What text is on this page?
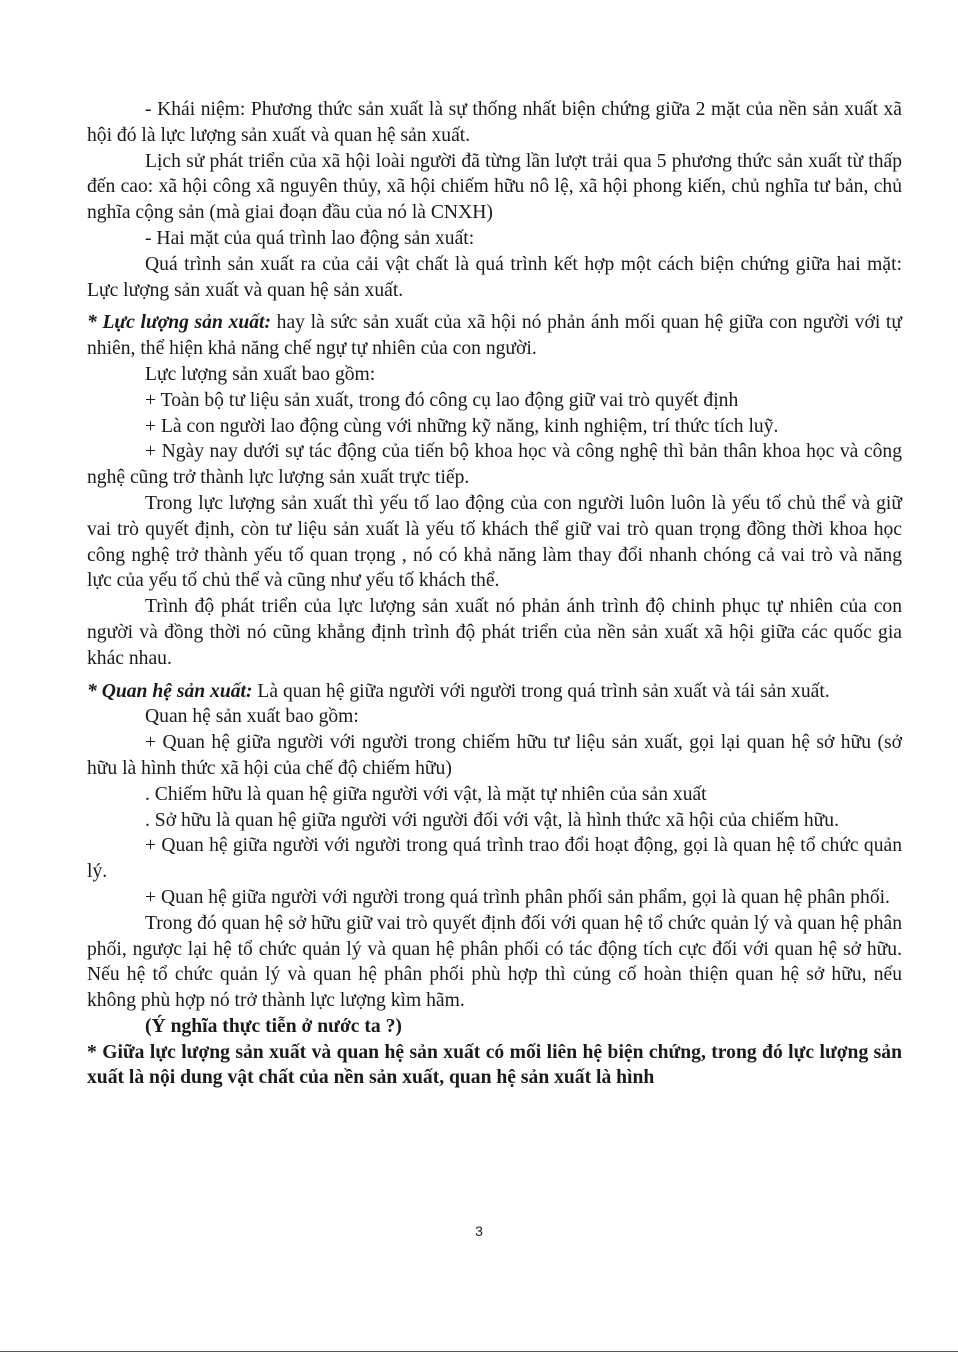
- Khái niệm: Phương thức sản xuất là sự thống nhất biện chứng giữa 2 mặt của nền sản xuất xã hội đó là lực lượng sản xuất và quan hệ sản xuất.

Lịch sử phát triển của xã hội loài người đã từng lần lượt trải qua 5 phương thức sản xuất từ thấp đến cao: xã hội công xã nguyên thủy, xã hội chiếm hữu nô lệ, xã hội phong kiến, chủ nghĩa tư bản, chủ nghĩa cộng sản (mà giai đoạn đầu của nó là CNXH)

- Hai mặt của quá trình lao động sản xuất:

Quá trình sản xuất ra của cải vật chất là quá trình kết hợp một cách biện chứng giữa hai mặt: Lực lượng sản xuất và quan hệ sản xuất.

* Lực lượng sản xuất: hay là sức sản xuất của xã hội nó phản ánh mối quan hệ giữa con người với tự nhiên, thể hiện khả năng chế ngự tự nhiên của con người.

Lực lượng sản xuất bao gồm:

+ Toàn bộ tư liệu sản xuất, trong đó công cụ lao động giữ vai trò quyết định

+ Là con người lao động cùng với những kỹ năng, kinh nghiệm, trí thức tích luỹ.

+ Ngày nay dưới sự tác động của tiến bộ khoa học và công nghệ thì bản thân khoa học và công nghệ cũng trở thành lực lượng sản xuất trực tiếp.

Trong lực lượng sản xuất thì yếu tố lao động của con người luôn luôn là yếu tố chủ thể và giữ vai trò quyết định, còn tư liệu sản xuất là yếu tố khách thể giữ vai trò quan trọng đồng thời khoa học công nghệ trở thành yếu tố quan trọng , nó có khả năng làm thay đổi nhanh chóng cả vai trò và năng lực của yếu tố chủ thể và cũng như yếu tố khách thể.

Trình độ phát triển của lực lượng sản xuất nó phản ánh trình độ chinh phục tự nhiên của con người và đồng thời nó cũng khẳng định trình độ phát triển của nền sản xuất xã hội giữa các quốc gia khác nhau.

* Quan hệ sản xuất: Là quan hệ giữa người với người trong quá trình sản xuất và tái sản xuất.

Quan hệ sản xuất bao gồm:

+ Quan hệ giữa người với người trong chiếm hữu tư liệu sản xuất, gọi lại quan hệ sở hữu (sở hữu là hình thức xã hội của chế độ chiếm hữu)

. Chiếm hữu là quan hệ giữa người với vật, là mặt tự nhiên của sản xuất

. Sở hữu là quan hệ giữa người với người đối với vật, là hình thức xã hội của chiếm hữu.

+ Quan hệ giữa người với người trong quá trình trao đổi hoạt động, gọi là quan hệ tổ chức quản lý.

+ Quan hệ giữa người với người trong quá trình phân phối sản phẩm, gọi là quan hệ phân phối.

Trong đó quan hệ sở hữu giữ vai trò quyết định đối với quan hệ tổ chức quản lý và quan hệ phân phối, ngược lại hệ tổ chức quản lý và quan hệ phân phối có tác động tích cực đối với quan hệ sở hữu. Nếu hệ tổ chức quản lý và quan hệ phân phối phù hợp thì củng cố hoàn thiện quan hệ sở hữu, nếu không phù hợp nó trở thành lực lượng kìm hãm.

(Ý nghĩa thực tiễn ở nước ta ?)

* Giữa lực lượng sản xuất và quan hệ sản xuất có mối liên hệ biện chứng, trong đó lực lượng sản xuất là nội dung vật chất của nền sản xuất, quan hệ sản xuất là hình

3
